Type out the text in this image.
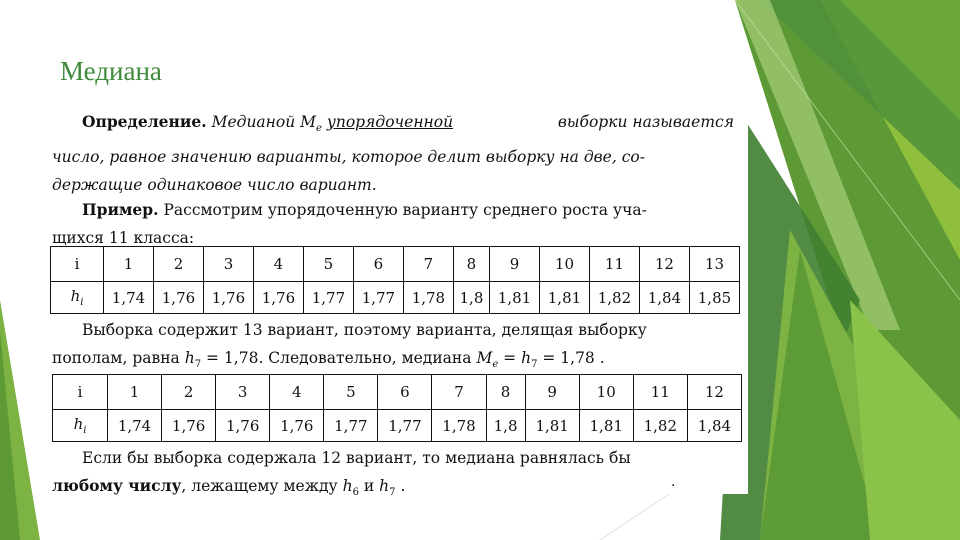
Медиана
Определение. Медианой $M_e$ упорядоченной	выборки называется
число, равное значению варианты, которое делит выборку на две, со-
держащие одинаковое число вариант.
Пример. Рассмотрим упорядоченную варианту среднего роста уча-
щихся 11 класса:
i	1	2	3	4	5	6	7	8	9	10	11	12	13
$h_i$	1,74	1,76	1,76	1,76	1,77	1,77	1,78	1,8	1,81	1,81	1,82	1,84	1,85
Выборка содержит 13 вариант, поэтому варианта, делящая выборку
пополам, равна $h_7 = 1,78$. Следовательно, медиана $M_e = h_7 = 1,78$ .
i	1	2	3	4	5	6	7	8	9	10	11	12
$h_i$	1,74	1,76	1,76	1,76	1,77	1,77	1,78	1,8	1,81	1,81	1,82	1,84
Если бы выборка содержала 12 вариант, то медиана равнялась бы
любому числу, лежащему между $h_6$ и $h_7$ .	.
